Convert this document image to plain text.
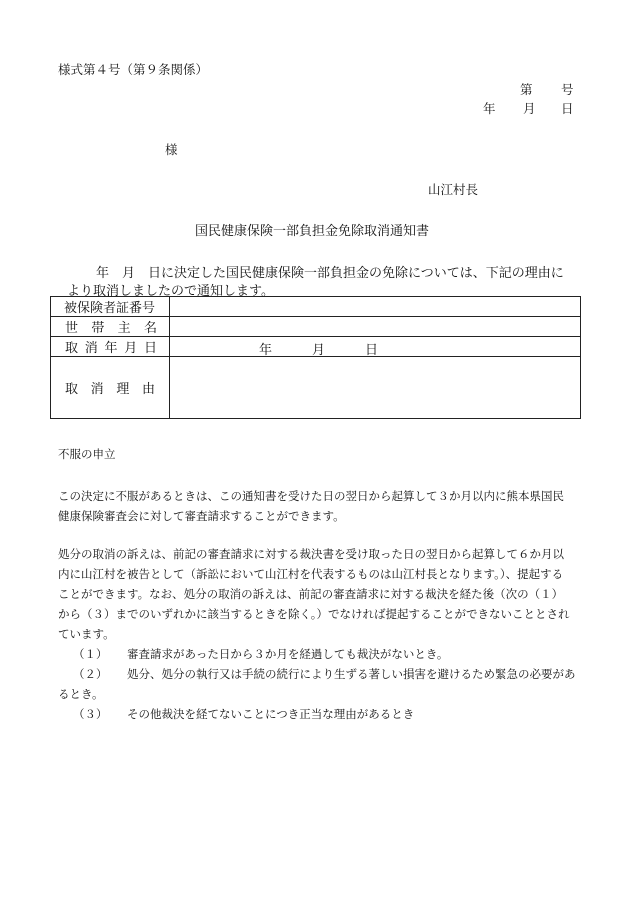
様式第４号（第９条関係）
第 号
年 月 日
様
山江村長
国民健康保険一部負担金免除取消通知書
年　月　日に決定した国民健康保険一部負担金の免除については、下記の理由に
より取消しましたので通知します。
被保険者証番号	

世 帯 主 名	

取 消 年 月 日	年 月 日

取 消 理 由	

不服の申立
この決定に不服があるときは、この通知書を受けた日の翌日から起算して３か月以内に熊本県国民
健康保険審査会に対して審査請求することができます。
処分の取消の訴えは、前記の審査請求に対する裁決書を受け取った日の翌日から起算して６か月以
内に山江村を被告として（訴訟において山江村を代表するものは山江村長となります。）、提起する
ことができます。なお、処分の取消の訴えは、前記の審査請求に対する裁決を経た後（次の（１）
から（３）までのいずれかに該当するときを除く。）でなければ提起することができないこととされ
ています。
（１） 審査請求があった日から３か月を経過しても裁決がないとき。
（２） 処分、処分の執行又は手続の続行により生ずる著しい損害を避けるため緊急の必要があ
るとき。
（３） その他裁決を経てないことにつき正当な理由があるとき
